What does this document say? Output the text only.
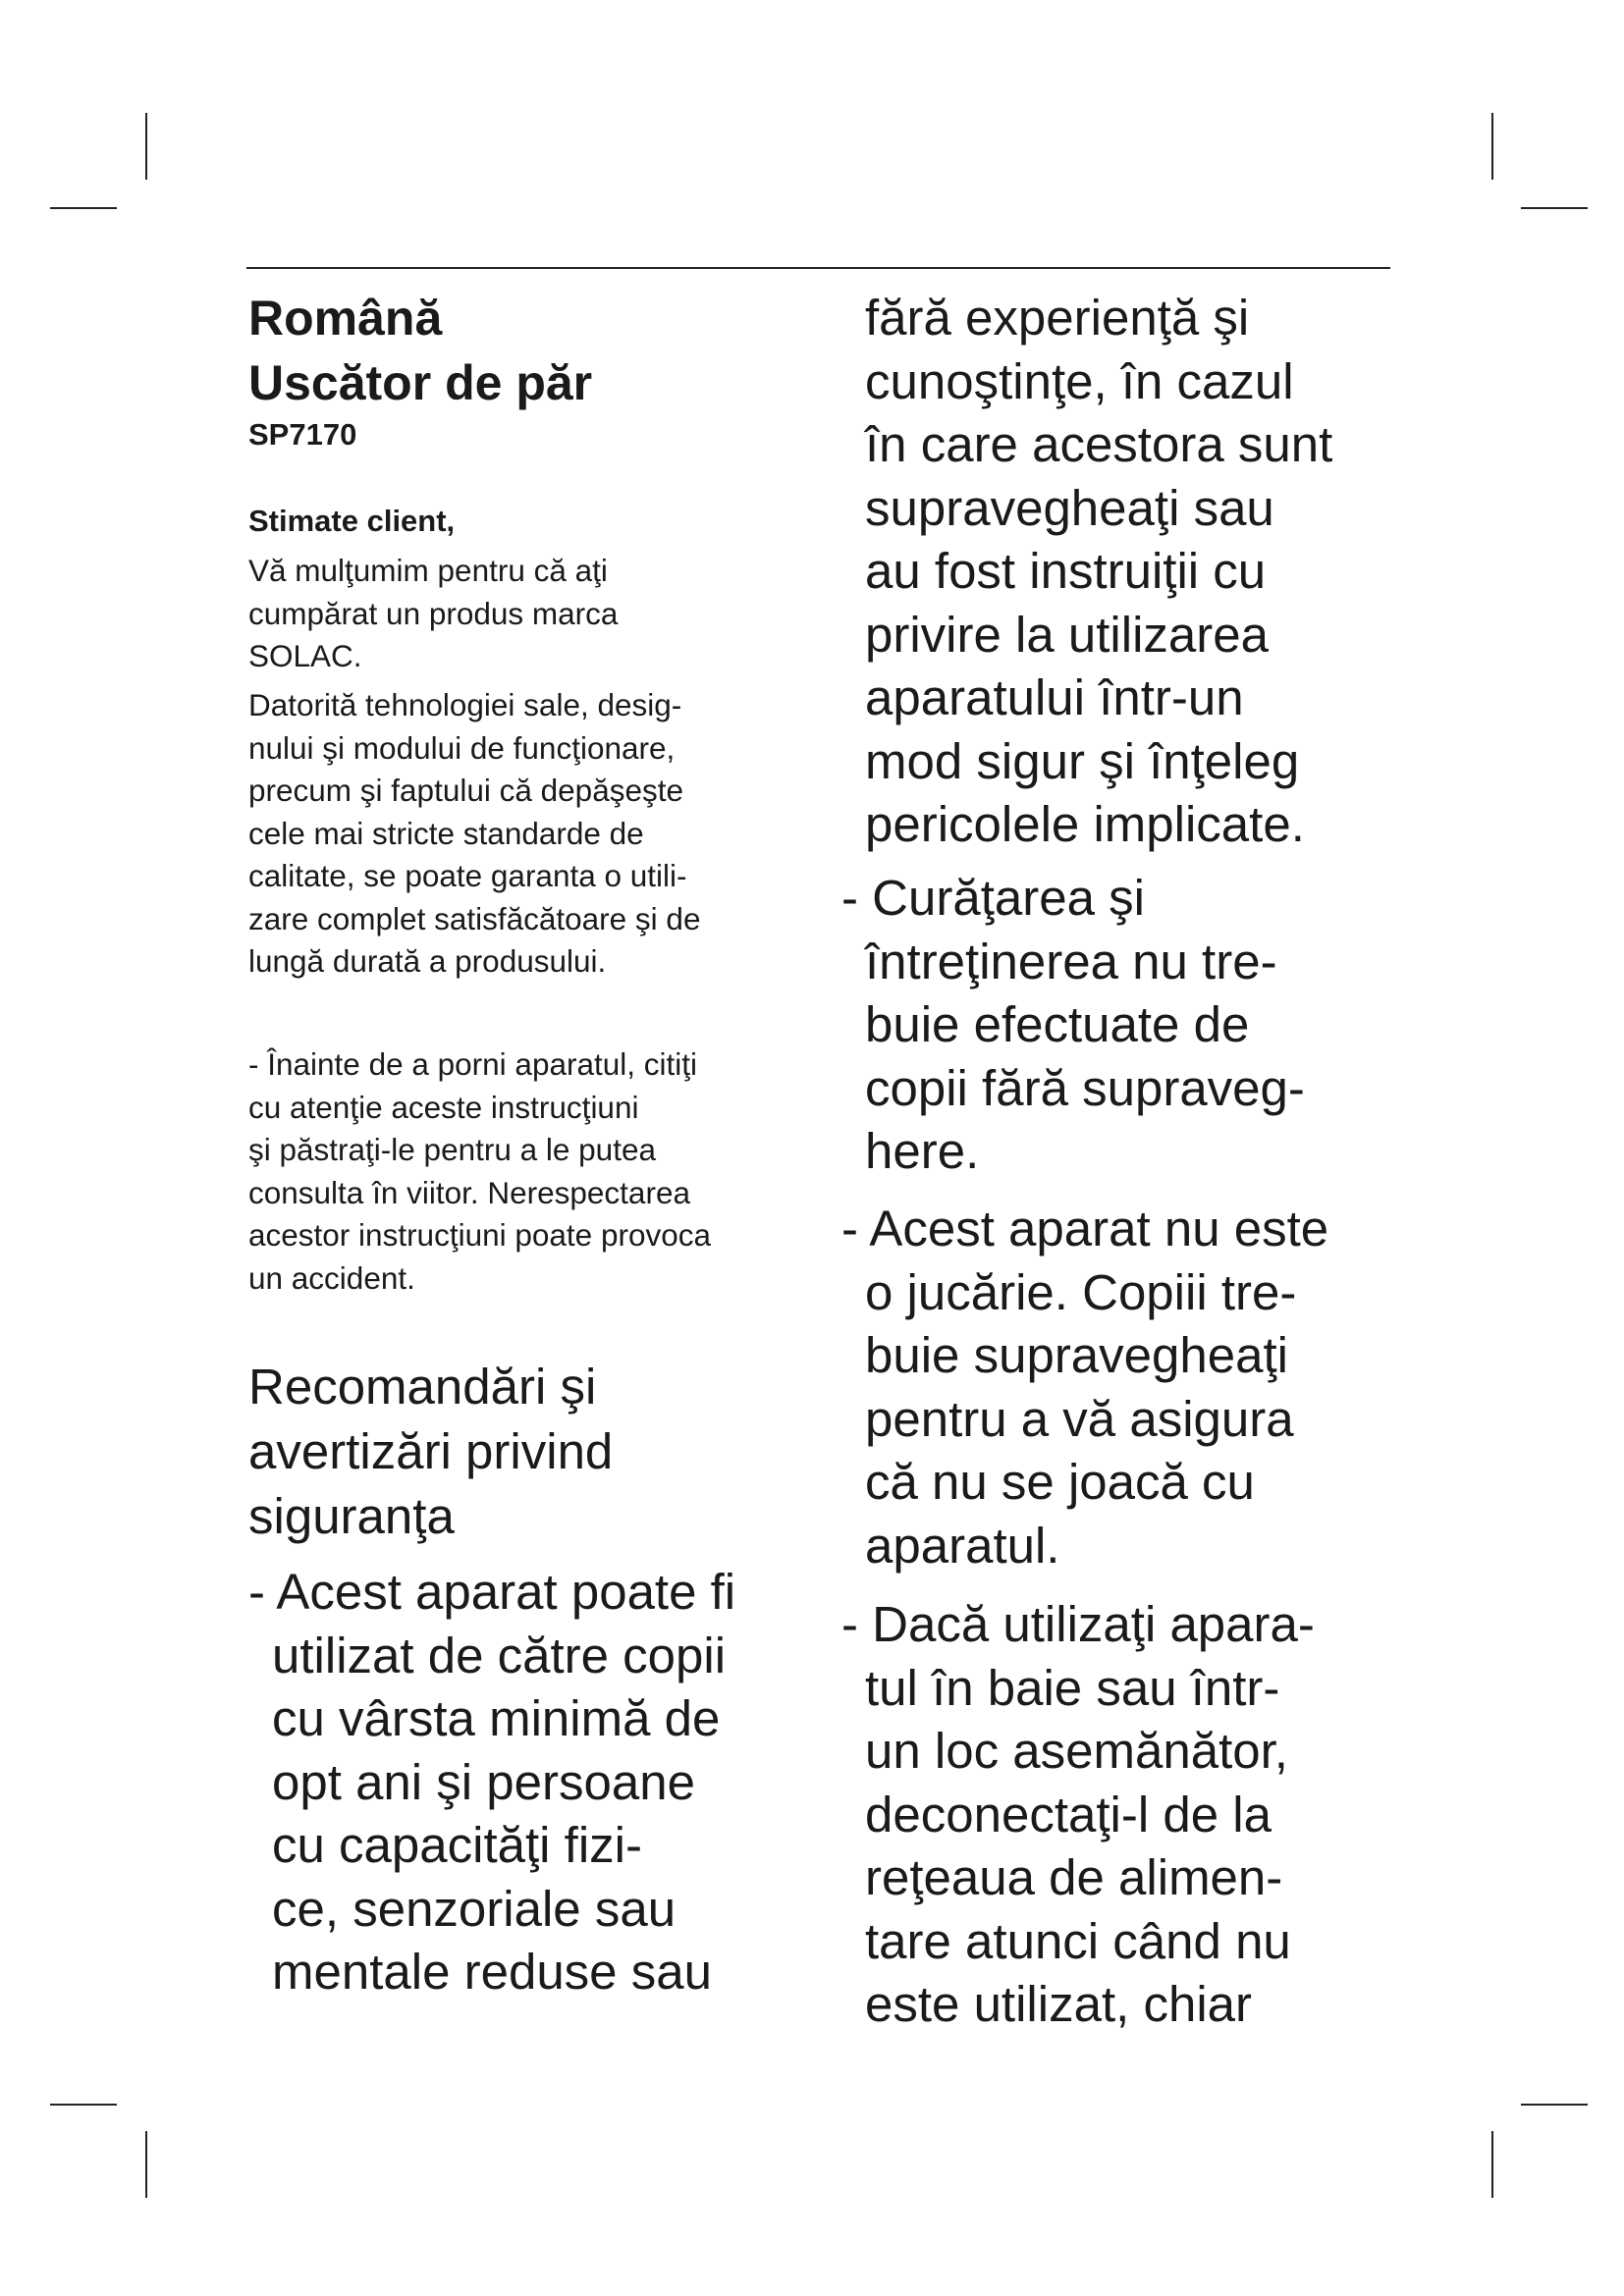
Română
Uscător de păr
SP7170
Stimate client,
Vă mulţumim pentru că aţi
cumpărat un produs marca
SOLAC.
Datorită tehnologiei sale, desig-
nului şi modului de funcţionare,
precum şi faptului că depăşeşte
cele mai stricte standarde de
calitate, se poate garanta o utili-
zare complet satisfăcătoare şi de
lungă durată a produsului.
- Înainte de a porni aparatul, citiţi
cu atenţie aceste instrucţiuni
şi păstraţi-le pentru a le putea
consulta în viitor. Nerespectarea
acestor instrucţiuni poate provoca
un accident.
Recomandări şi
avertizări privind
siguranţa
- Acest aparat poate fi
utilizat de către copii
cu vârsta minimă de
opt ani şi persoane
cu capacităţi fizi-
ce, senzoriale sau
mentale reduse sau
fără experienţă şi
cunoştinţe, în cazul
în care acestora sunt
supravegheaţi sau
au fost instruiţii cu
privire la utilizarea
aparatului într-un
mod sigur şi înţeleg
pericolele implicate.
- Curăţarea şi
întreţinerea nu tre-
buie efectuate de
copii fără supraveg-
here.
- Acest aparat nu este
o jucărie. Copiii tre-
buie supravegheaţi
pentru a vă asigura
că nu se joacă cu
aparatul.
- Dacă utilizaţi apara-
tul în baie sau într-
un loc asemănător,
deconectaţi-l de la
reţeaua de alimen-
tare atunci când nu
este utilizat, chiar
